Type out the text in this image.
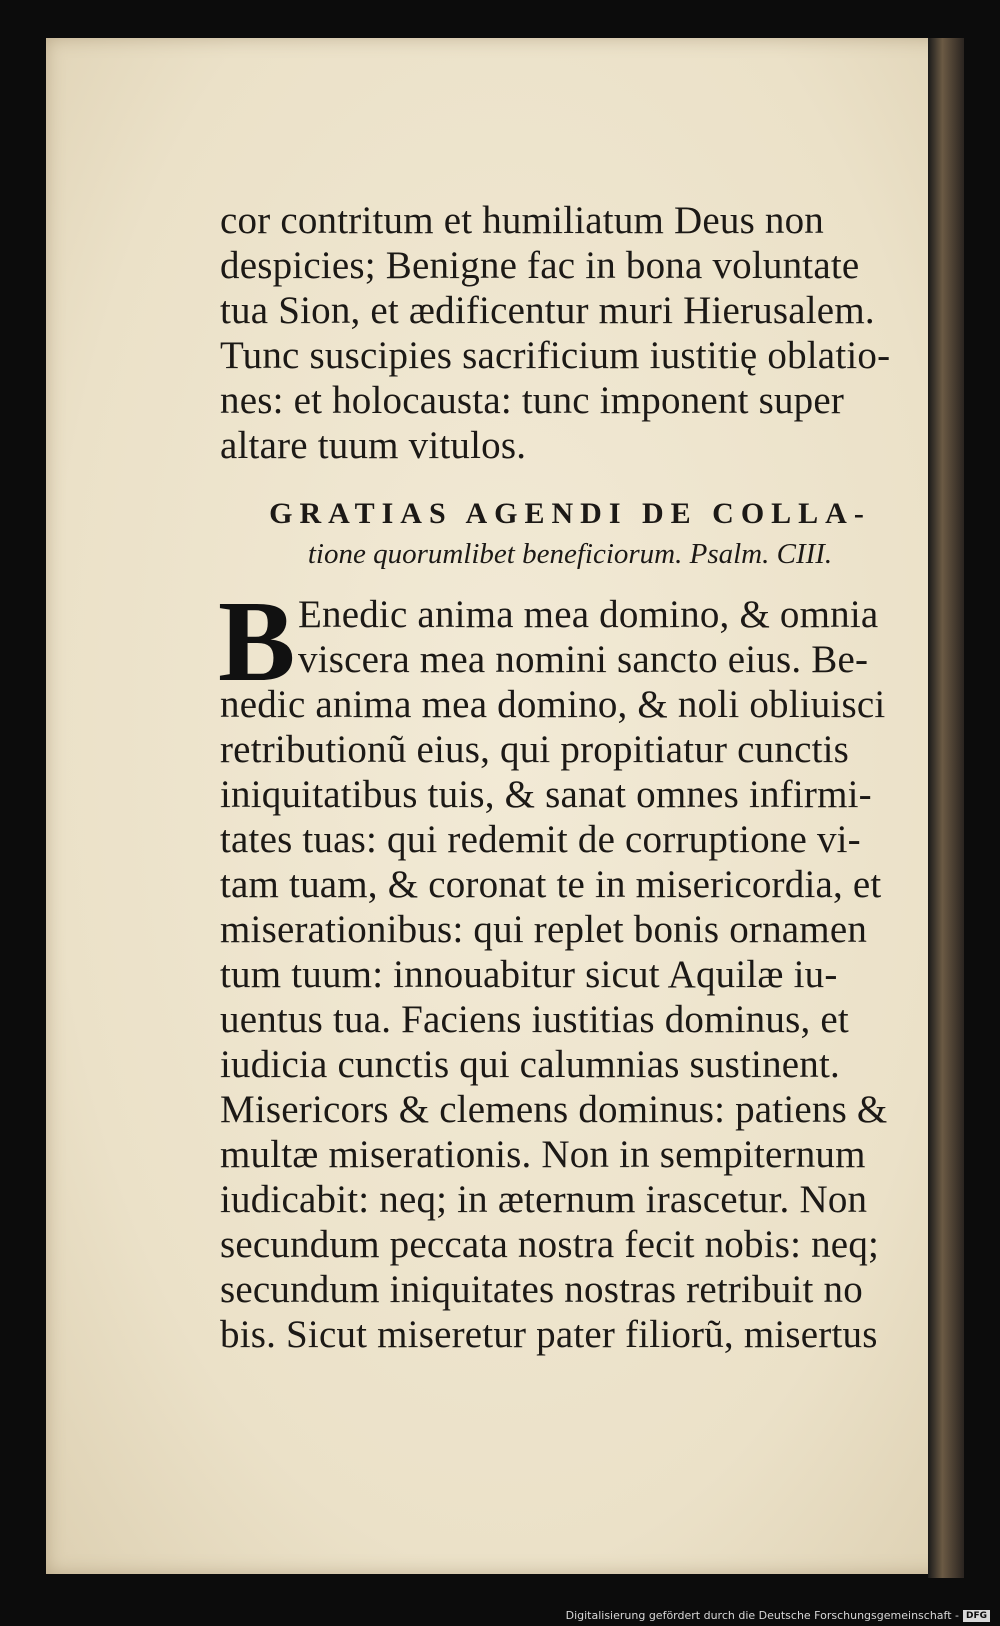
cor contritum et humiliatum Deus non
despicies; Benigne fac in bona voluntate
tua Sion, et ædificentur muri Hierusalem.
Tunc suscipies sacrificium iustitię oblatio-
nes: et holocausta: tunc imponent super
altare tuum vitulos.
GRATIAS AGENDI DE COLLA-
tione quorumlibet beneficiorum. Psalm. CIII.
B Enedic anima mea domino, & omnia
viscera mea nomini sancto eius. Be-
nedic anima mea domino, & noli obliuisci
retributionũ eius, qui propitiatur cunctis
iniquitatibus tuis, & sanat omnes infirmi-
tates tuas: qui redemit de corruptione vi-
tam tuam, & coronat te in misericordia, et
miserationibus: qui replet bonis ornamen
tum tuum: innouabitur sicut Aquilæ iu-
uentus tua. Faciens iustitias dominus, et
iudicia cunctis qui calumnias sustinent.
Misericors & clemens dominus: patiens &
multæ miserationis. Non in sempiternum
iudicabit: neq; in æternum irascetur. Non
secundum peccata nostra fecit nobis: neq;
secundum iniquitates nostras retribuit no
bis. Sicut miseretur pater filiorũ, misertus
Digitalisierung gefördert durch die Deutsche Forschungsgemeinschaft - DFG
